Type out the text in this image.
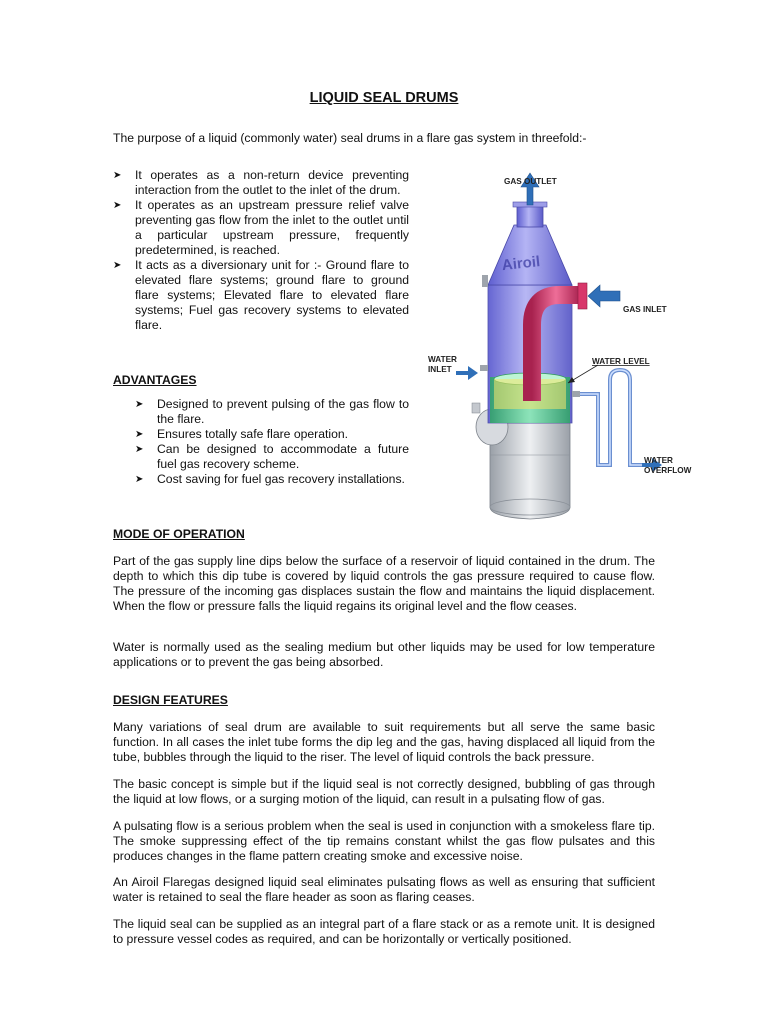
LIQUID SEAL DRUMS
The purpose of a liquid (commonly water) seal drums in a flare gas system in threefold:-
➤ It operates as a non-return device preventing interaction from the outlet to the inlet of the drum.
➤ It operates as an upstream pressure relief valve preventing gas flow from the inlet to the outlet until a particular upstream pressure, frequently predetermined, is reached.
➤ It acts as a diversionary unit for :- Ground flare to elevated flare systems; ground flare to ground flare systems; Elevated flare to elevated flare systems; Fuel gas recovery systems to elevated flare.
ADVANTAGES
➤ Designed to prevent pulsing of the gas flow to the flare.
➤ Ensures totally safe flare operation.
➤ Can be designed to accommodate a future fuel gas recovery scheme.
➤ Cost saving for fuel gas recovery installations.
Airoil
GAS OUTLET
GAS INLET
WATER
INLET
WATER LEVEL
WATER
OVERFLOW
MODE OF OPERATION

Part of the gas supply line dips below the surface of a reservoir of liquid contained in the drum. The depth to which this dip tube is covered by liquid controls the gas pressure required to cause flow. The pressure of the incoming gas displaces sustain the flow and maintains the liquid displacement. When the flow or pressure falls the liquid regains its original level and the flow ceases.

Water is normally used as the sealing medium but other liquids may be used for low temperature applications or to prevent the gas being absorbed.

DESIGN FEATURES

Many variations of seal drum are available to suit requirements but all serve the same basic function. In all cases the inlet tube forms the dip leg and the gas, having displaced all liquid from the tube, bubbles through the liquid to the riser. The level of liquid controls the back pressure.

The basic concept is simple but if the liquid seal is not correctly designed, bubbling of gas through the liquid at low flows, or a surging motion of the liquid, can result in a pulsating flow of gas.

A pulsating flow is a serious problem when the seal is used in conjunction with a smokeless flare tip. The smoke suppressing effect of the tip remains constant whilst the gas flow pulsates and this produces changes in the flame pattern creating smoke and excessive noise.

An Airoil Flaregas designed liquid seal eliminates pulsating flows as well as ensuring that sufficient water is retained to seal the flare header as soon as flaring ceases.

The liquid seal can be supplied as an integral part of a flare stack or as a remote unit. It is designed to pressure vessel codes as required, and can be horizontally or vertically positioned.
